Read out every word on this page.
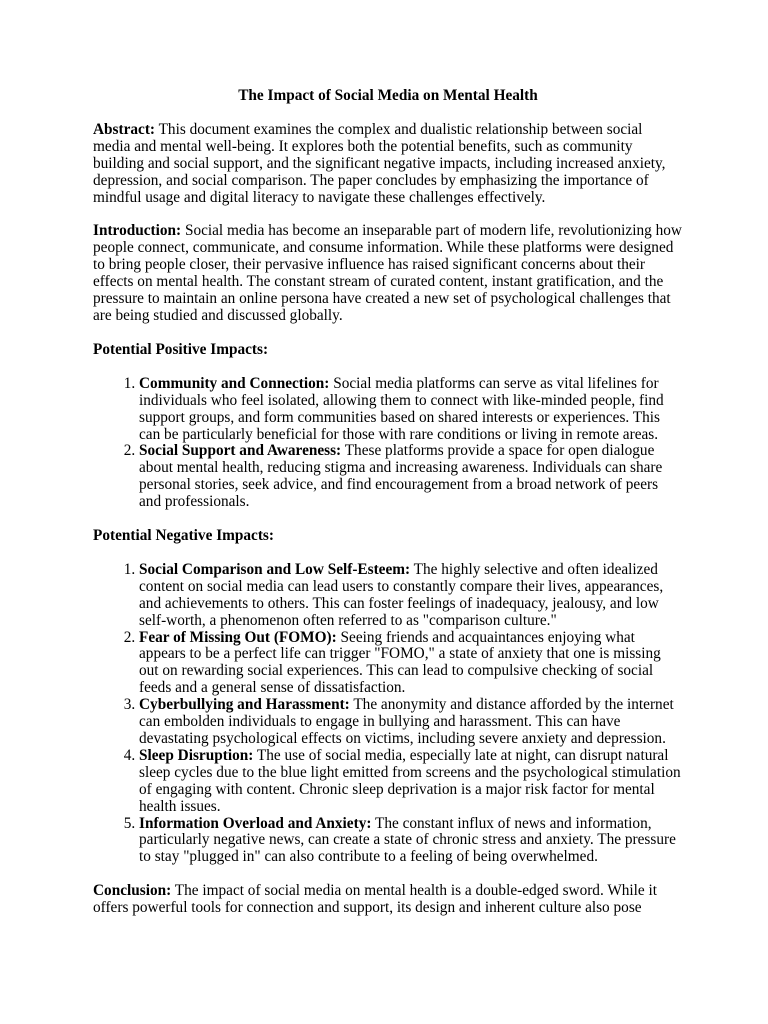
The Impact of Social Media on Mental Health

Abstract: This document examines the complex and dualistic relationship between social media and mental well-being. It explores both the potential benefits, such as community building and social support, and the significant negative impacts, including increased anxiety, depression, and social comparison. The paper concludes by emphasizing the importance of mindful usage and digital literacy to navigate these challenges effectively.

Introduction: Social media has become an inseparable part of modern life, revolutionizing how people connect, communicate, and consume information. While these platforms were designed to bring people closer, their pervasive influence has raised significant concerns about their effects on mental health. The constant stream of curated content, instant gratification, and the pressure to maintain an online persona have created a new set of psychological challenges that are being studied and discussed globally.

Potential Positive Impacts:
1. Community and Connection: Social media platforms can serve as vital lifelines for individuals who feel isolated, allowing them to connect with like-minded people, find support groups, and form communities based on shared interests or experiences. This can be particularly beneficial for those with rare conditions or living in remote areas.
2. Social Support and Awareness: These platforms provide a space for open dialogue about mental health, reducing stigma and increasing awareness. Individuals can share personal stories, seek advice, and find encouragement from a broad network of peers and professionals.
Potential Negative Impacts:
1. Social Comparison and Low Self-Esteem: The highly selective and often idealized content on social media can lead users to constantly compare their lives, appearances, and achievements to others. This can foster feelings of inadequacy, jealousy, and low self-worth, a phenomenon often referred to as "comparison culture."
2. Fear of Missing Out (FOMO): Seeing friends and acquaintances enjoying what appears to be a perfect life can trigger "FOMO," a state of anxiety that one is missing out on rewarding social experiences. This can lead to compulsive checking of social feeds and a general sense of dissatisfaction.
3. Cyberbullying and Harassment: The anonymity and distance afforded by the internet can embolden individuals to engage in bullying and harassment. This can have devastating psychological effects on victims, including severe anxiety and depression.
4. Sleep Disruption: The use of social media, especially late at night, can disrupt natural sleep cycles due to the blue light emitted from screens and the psychological stimulation of engaging with content. Chronic sleep deprivation is a major risk factor for mental health issues.
5. Information Overload and Anxiety: The constant influx of news and information, particularly negative news, can create a state of chronic stress and anxiety. The pressure to stay "plugged in" can also contribute to a feeling of being overwhelmed.

Conclusion: The impact of social media on mental health is a double-edged sword. While it offers powerful tools for connection and support, its design and inherent culture also pose
